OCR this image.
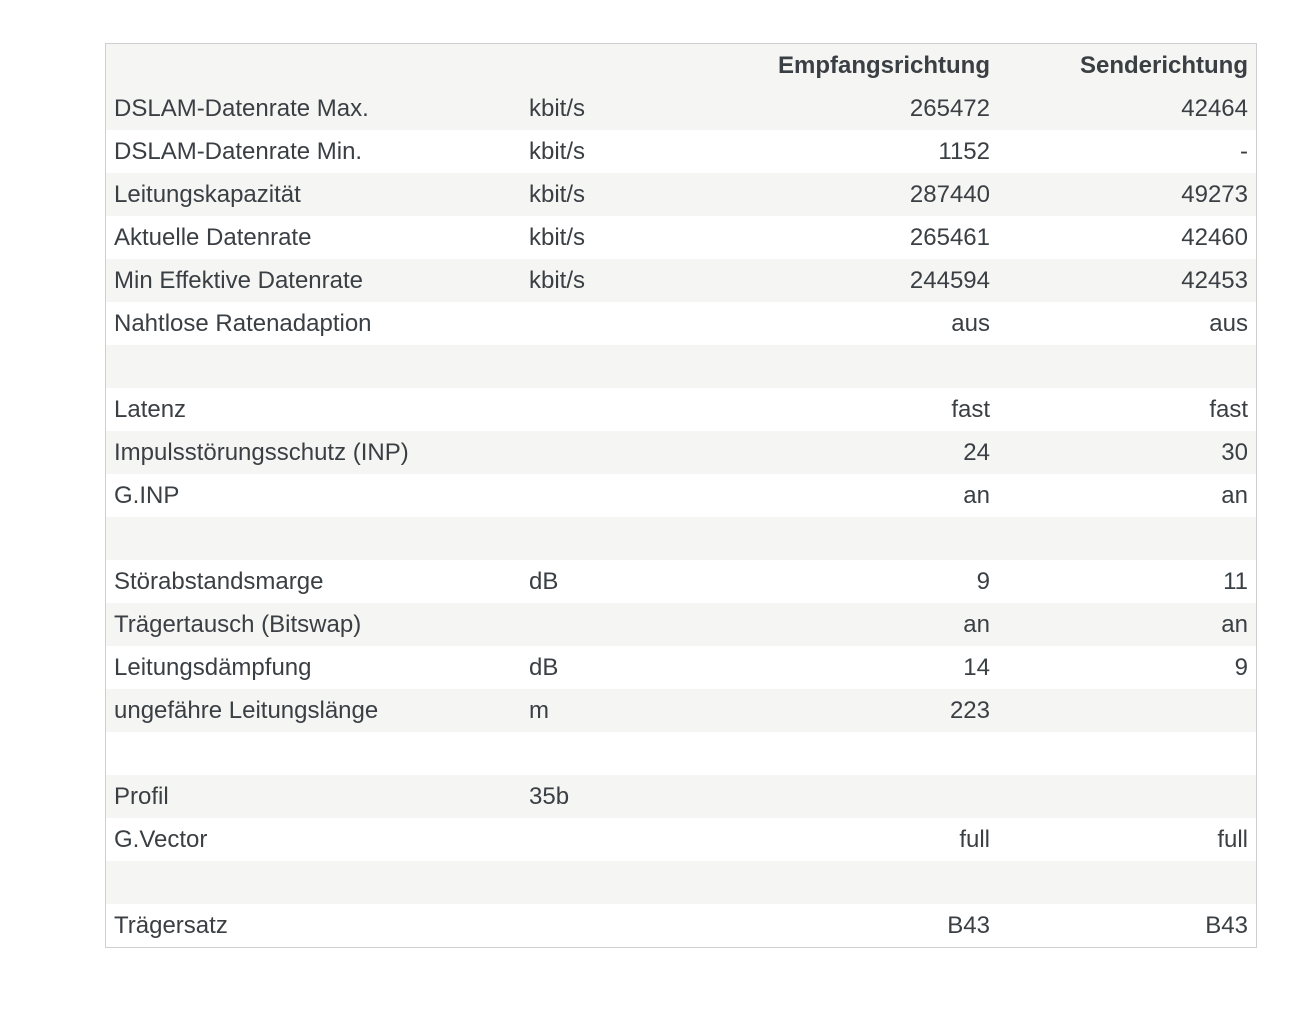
		Empfangsrichtung	Senderichtung
DSLAM-Datenrate Max.	kbit/s	265472	42464
DSLAM-Datenrate Min.	kbit/s	1152	-
Leitungskapazität	kbit/s	287440	49273
Aktuelle Datenrate	kbit/s	265461	42460
Min Effektive Datenrate	kbit/s	244594	42453
Nahtlose Ratenadaption		aus	aus

Latenz		fast	fast
Impulsstörungsschutz (INP)		24	30
G.INP		an	an

Störabstandsmarge	dB	9	11
Trägertausch (Bitswap)		an	an
Leitungsdämpfung	dB	14	9
ungefähre Leitungslänge	m	223	

Profil	35b		
G.Vector		full	full

Trägersatz		B43	B43
